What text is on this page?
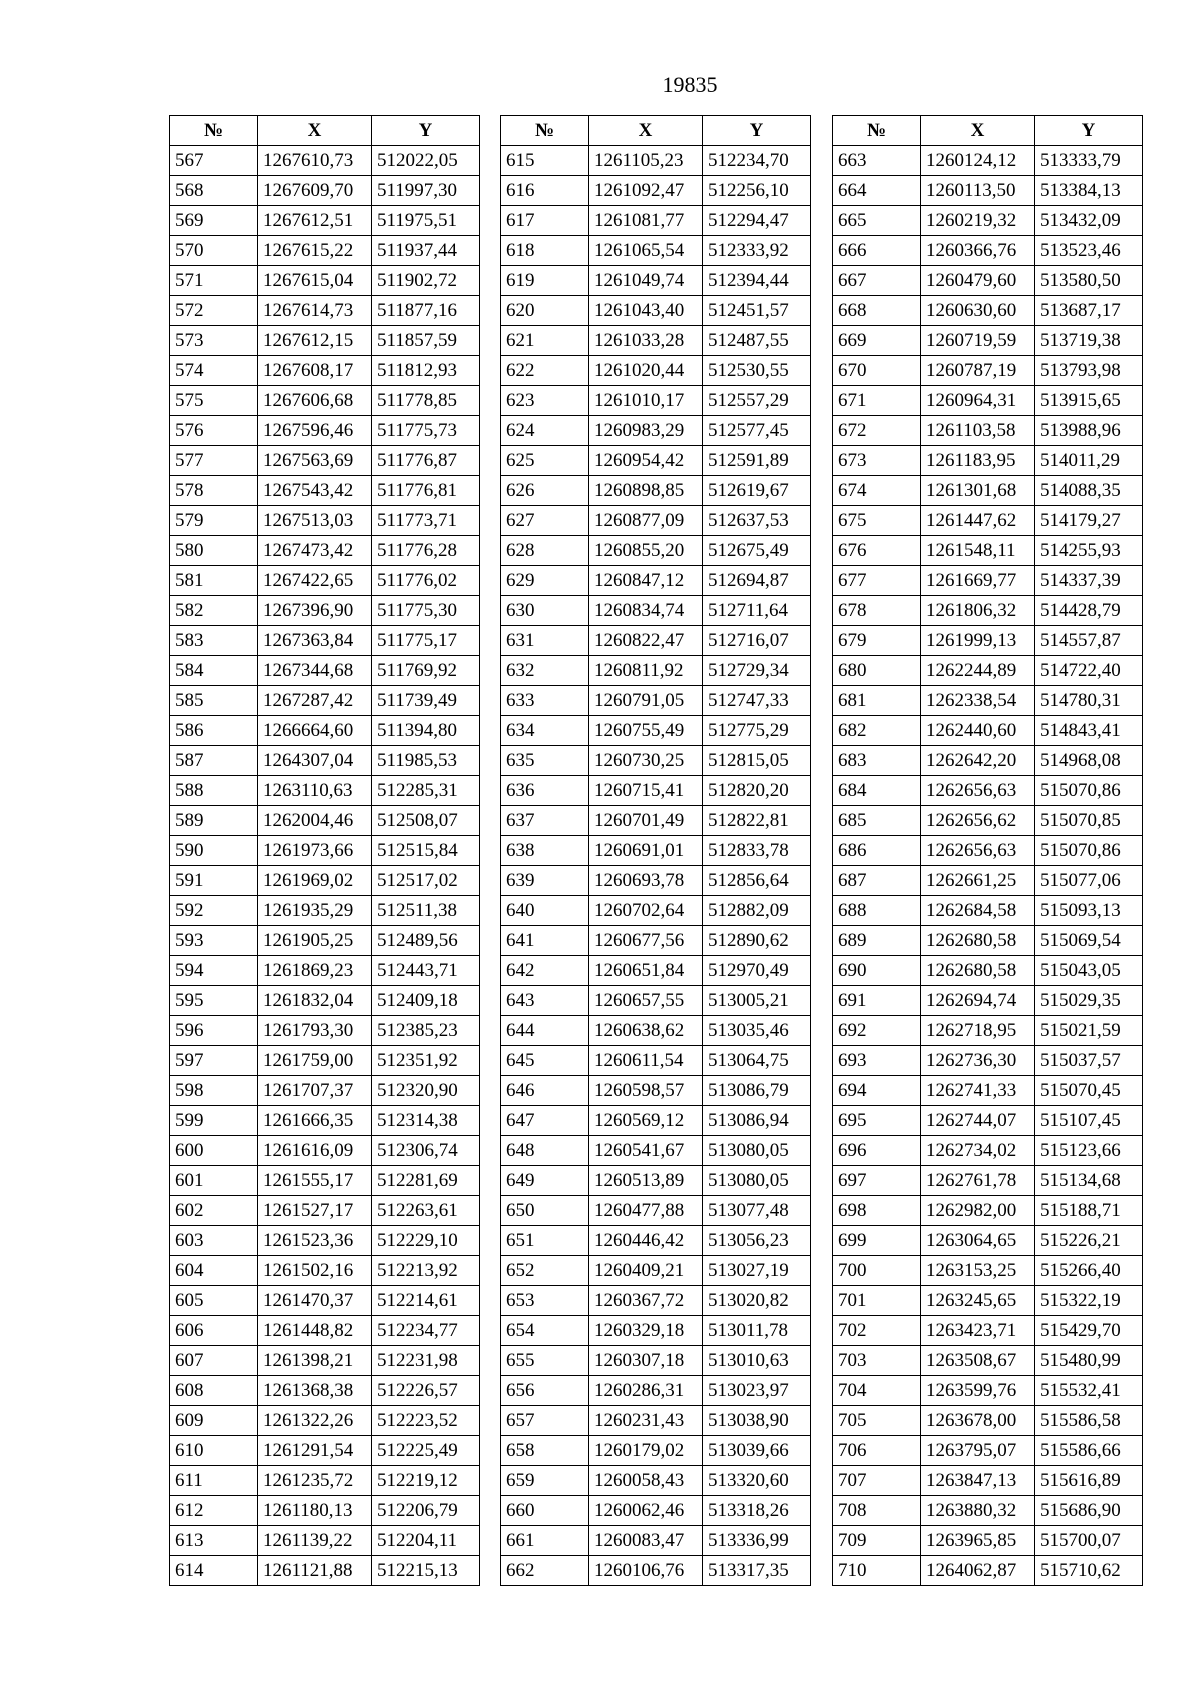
19835
№	X	Y
567	1267610,73	512022,05
568	1267609,70	511997,30
569	1267612,51	511975,51
570	1267615,22	511937,44
571	1267615,04	511902,72
572	1267614,73	511877,16
573	1267612,15	511857,59
574	1267608,17	511812,93
575	1267606,68	511778,85
576	1267596,46	511775,73
577	1267563,69	511776,87
578	1267543,42	511776,81
579	1267513,03	511773,71
580	1267473,42	511776,28
581	1267422,65	511776,02
582	1267396,90	511775,30
583	1267363,84	511775,17
584	1267344,68	511769,92
585	1267287,42	511739,49
586	1266664,60	511394,80
587	1264307,04	511985,53
588	1263110,63	512285,31
589	1262004,46	512508,07
590	1261973,66	512515,84
591	1261969,02	512517,02
592	1261935,29	512511,38
593	1261905,25	512489,56
594	1261869,23	512443,71
595	1261832,04	512409,18
596	1261793,30	512385,23
597	1261759,00	512351,92
598	1261707,37	512320,90
599	1261666,35	512314,38
600	1261616,09	512306,74
601	1261555,17	512281,69
602	1261527,17	512263,61
603	1261523,36	512229,10
604	1261502,16	512213,92
605	1261470,37	512214,61
606	1261448,82	512234,77
607	1261398,21	512231,98
608	1261368,38	512226,57
609	1261322,26	512223,52
610	1261291,54	512225,49
611	1261235,72	512219,12
612	1261180,13	512206,79
613	1261139,22	512204,11
614	1261121,88	512215,13
№	X	Y
615	1261105,23	512234,70
616	1261092,47	512256,10
617	1261081,77	512294,47
618	1261065,54	512333,92
619	1261049,74	512394,44
620	1261043,40	512451,57
621	1261033,28	512487,55
622	1261020,44	512530,55
623	1261010,17	512557,29
624	1260983,29	512577,45
625	1260954,42	512591,89
626	1260898,85	512619,67
627	1260877,09	512637,53
628	1260855,20	512675,49
629	1260847,12	512694,87
630	1260834,74	512711,64
631	1260822,47	512716,07
632	1260811,92	512729,34
633	1260791,05	512747,33
634	1260755,49	512775,29
635	1260730,25	512815,05
636	1260715,41	512820,20
637	1260701,49	512822,81
638	1260691,01	512833,78
639	1260693,78	512856,64
640	1260702,64	512882,09
641	1260677,56	512890,62
642	1260651,84	512970,49
643	1260657,55	513005,21
644	1260638,62	513035,46
645	1260611,54	513064,75
646	1260598,57	513086,79
647	1260569,12	513086,94
648	1260541,67	513080,05
649	1260513,89	513080,05
650	1260477,88	513077,48
651	1260446,42	513056,23
652	1260409,21	513027,19
653	1260367,72	513020,82
654	1260329,18	513011,78
655	1260307,18	513010,63
656	1260286,31	513023,97
657	1260231,43	513038,90
658	1260179,02	513039,66
659	1260058,43	513320,60
660	1260062,46	513318,26
661	1260083,47	513336,99
662	1260106,76	513317,35
№	X	Y
663	1260124,12	513333,79
664	1260113,50	513384,13
665	1260219,32	513432,09
666	1260366,76	513523,46
667	1260479,60	513580,50
668	1260630,60	513687,17
669	1260719,59	513719,38
670	1260787,19	513793,98
671	1260964,31	513915,65
672	1261103,58	513988,96
673	1261183,95	514011,29
674	1261301,68	514088,35
675	1261447,62	514179,27
676	1261548,11	514255,93
677	1261669,77	514337,39
678	1261806,32	514428,79
679	1261999,13	514557,87
680	1262244,89	514722,40
681	1262338,54	514780,31
682	1262440,60	514843,41
683	1262642,20	514968,08
684	1262656,63	515070,86
685	1262656,62	515070,85
686	1262656,63	515070,86
687	1262661,25	515077,06
688	1262684,58	515093,13
689	1262680,58	515069,54
690	1262680,58	515043,05
691	1262694,74	515029,35
692	1262718,95	515021,59
693	1262736,30	515037,57
694	1262741,33	515070,45
695	1262744,07	515107,45
696	1262734,02	515123,66
697	1262761,78	515134,68
698	1262982,00	515188,71
699	1263064,65	515226,21
700	1263153,25	515266,40
701	1263245,65	515322,19
702	1263423,71	515429,70
703	1263508,67	515480,99
704	1263599,76	515532,41
705	1263678,00	515586,58
706	1263795,07	515586,66
707	1263847,13	515616,89
708	1263880,32	515686,90
709	1263965,85	515700,07
710	1264062,87	515710,62
